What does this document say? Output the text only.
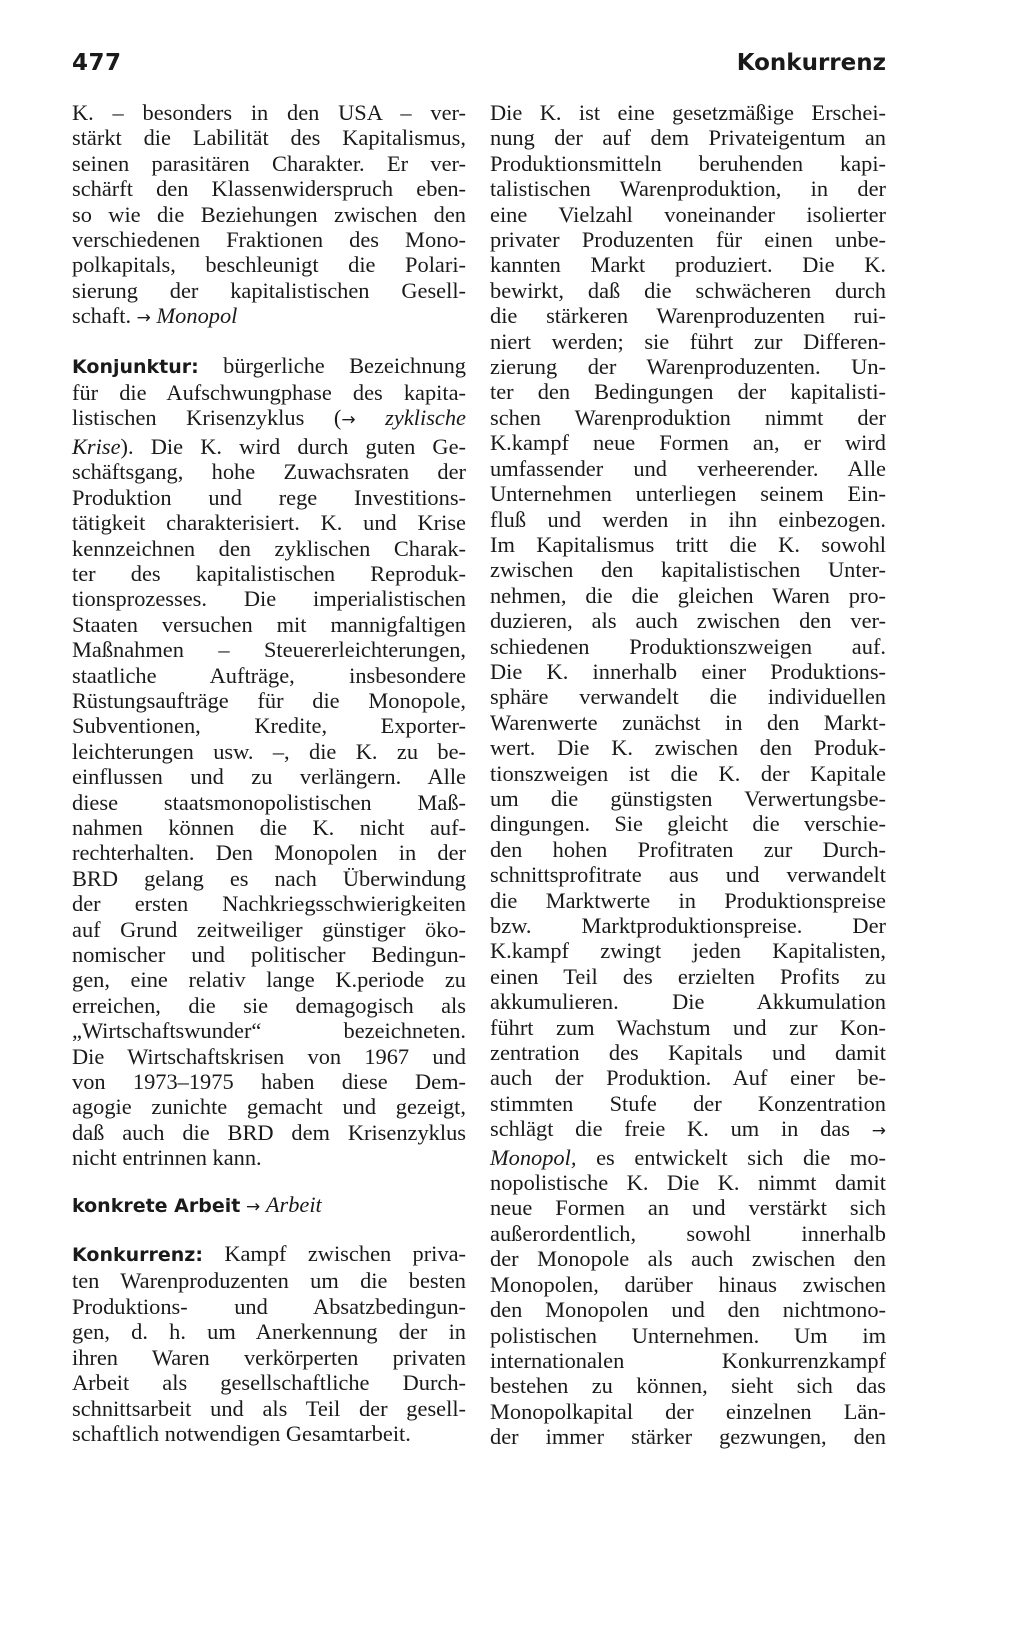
477	Konkurrenz
K. – besonders in den USA – ver-
stärkt die Labilität des Kapitalismus,
seinen parasitären Charakter. Er ver-
schärft den Klassenwiderspruch eben-
so wie die Beziehungen zwischen den
verschiedenen Fraktionen des Mono-
polkapitals, beschleunigt die Polari-
sierung der kapitalistischen Gesell-
schaft. → Monopol
Konjunktur: bürgerliche Bezeichnung
für die Aufschwungphase des kapita-
listischen Krisenzyklus (→ zyklische
Krise). Die K. wird durch guten Ge-
schäftsgang, hohe Zuwachsraten der
Produktion und rege Investitions-
tätigkeit charakterisiert. K. und Krise
kennzeichnen den zyklischen Charak-
ter des kapitalistischen Reproduk-
tionsprozesses. Die imperialistischen
Staaten versuchen mit mannigfaltigen
Maßnahmen – Steuererleichterungen,
staatliche Aufträge, insbesondere
Rüstungsaufträge für die Monopole,
Subventionen, Kredite, Exporter-
leichterungen usw. –, die K. zu be-
einflussen und zu verlängern. Alle
diese staatsmonopolistischen Maß-
nahmen können die K. nicht auf-
rechterhalten. Den Monopolen in der
BRD gelang es nach Überwindung
der ersten Nachkriegsschwierigkeiten
auf Grund zeitweiliger günstiger öko-
nomischer und politischer Bedingun-
gen, eine relativ lange K.periode zu
erreichen, die sie demagogisch als
„Wirtschaftswunder“ bezeichneten.
Die Wirtschaftskrisen von 1967 und
von 1973–1975 haben diese Dem-
agogie zunichte gemacht und gezeigt,
daß auch die BRD dem Krisenzyklus
nicht entrinnen kann.
konkrete Arbeit → Arbeit
Konkurrenz: Kampf zwischen priva-
ten Warenproduzenten um die besten
Produktions- und Absatzbedingun-
gen, d. h. um Anerkennung der in
ihren Waren verkörperten privaten
Arbeit als gesellschaftliche Durch-
schnittsarbeit und als Teil der gesell-
schaftlich notwendigen Gesamtarbeit.
Die K. ist eine gesetzmäßige Erschei-
nung der auf dem Privateigentum an
Produktionsmitteln beruhenden kapi-
talistischen Warenproduktion, in der
eine Vielzahl voneinander isolierter
privater Produzenten für einen unbe-
kannten Markt produziert. Die K.
bewirkt, daß die schwächeren durch
die stärkeren Warenproduzenten rui-
niert werden; sie führt zur Differen-
zierung der Warenproduzenten. Un-
ter den Bedingungen der kapitalisti-
schen Warenproduktion nimmt der
K.kampf neue Formen an, er wird
umfassender und verheerender. Alle
Unternehmen unterliegen seinem Ein-
fluß und werden in ihn einbezogen.
Im Kapitalismus tritt die K. sowohl
zwischen den kapitalistischen Unter-
nehmen, die die gleichen Waren pro-
duzieren, als auch zwischen den ver-
schiedenen Produktionszweigen auf.
Die K. innerhalb einer Produktions-
sphäre verwandelt die individuellen
Warenwerte zunächst in den Markt-
wert. Die K. zwischen den Produk-
tionszweigen ist die K. der Kapitale
um die günstigsten Verwertungsbe-
dingungen. Sie gleicht die verschie-
den hohen Profitraten zur Durch-
schnittsprofitrate aus und verwandelt
die Marktwerte in Produktionspreise
bzw. Marktproduktionspreise. Der
K.kampf zwingt jeden Kapitalisten,
einen Teil des erzielten Profits zu
akkumulieren. Die Akkumulation
führt zum Wachstum und zur Kon-
zentration des Kapitals und damit
auch der Produktion. Auf einer be-
stimmten Stufe der Konzentration
schlägt die freie K. um in das →
Monopol, es entwickelt sich die mo-
nopolistische K. Die K. nimmt damit
neue Formen an und verstärkt sich
außerordentlich, sowohl innerhalb
der Monopole als auch zwischen den
Monopolen, darüber hinaus zwischen
den Monopolen und den nichtmono-
polistischen Unternehmen. Um im
internationalen Konkurrenzkampf
bestehen zu können, sieht sich das
Monopolkapital der einzelnen Län-
der immer stärker gezwungen, den
